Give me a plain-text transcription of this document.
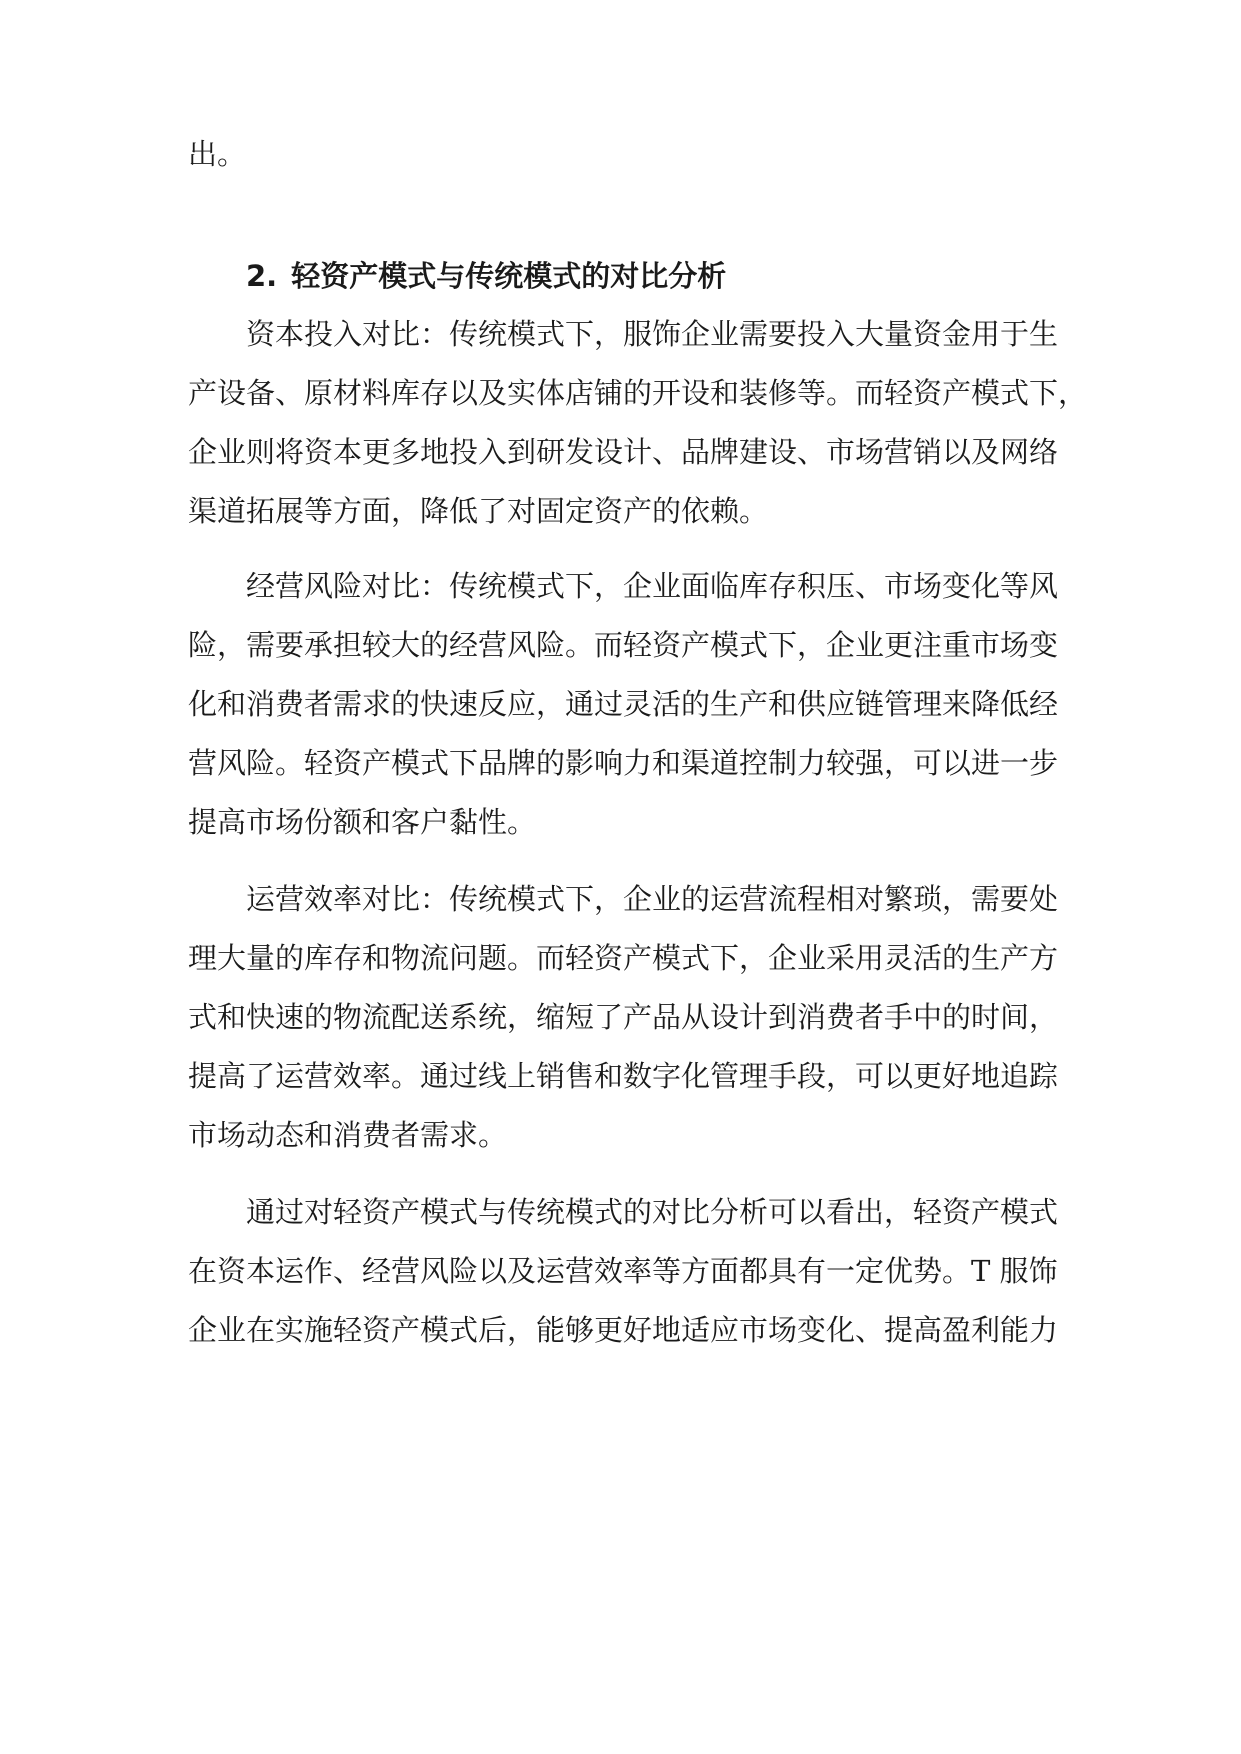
出。
2. 轻资产模式与传统模式的对比分析
资本投入对比：传统模式下，服饰企业需要投入大量资金用于生
产设备、原材料库存以及实体店铺的开设和装修等。而轻资产模式下，
企业则将资本更多地投入到研发设计、品牌建设、市场营销以及网络
渠道拓展等方面，降低了对固定资产的依赖。
经营风险对比：传统模式下，企业面临库存积压、市场变化等风
险，需要承担较大的经营风险。而轻资产模式下，企业更注重市场变
化和消费者需求的快速反应，通过灵活的生产和供应链管理来降低经
营风险。轻资产模式下品牌的影响力和渠道控制力较强，可以进一步
提高市场份额和客户黏性。
运营效率对比：传统模式下，企业的运营流程相对繁琐，需要处
理大量的库存和物流问题。而轻资产模式下，企业采用灵活的生产方
式和快速的物流配送系统，缩短了产品从设计到消费者手中的时间，
提高了运营效率。通过线上销售和数字化管理手段，可以更好地追踪
市场动态和消费者需求。
通过对轻资产模式与传统模式的对比分析可以看出，轻资产模式
在资本运作、经营风险以及运营效率等方面都具有一定优势。T 服饰
企业在实施轻资产模式后，能够更好地适应市场变化、提高盈利能力
